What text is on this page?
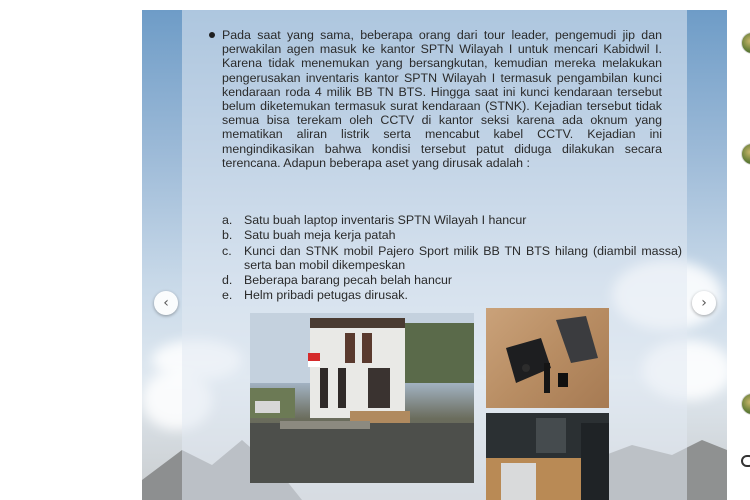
Pada saat yang sama, beberapa orang dari tour leader, pengemudi jip dan perwakilan agen masuk ke kantor SPTN Wilayah I untuk mencari Kabidwil I. Karena tidak menemukan yang bersangkutan, kemudian mereka melakukan pengerusakan inventaris kantor SPTN Wilayah I termasuk pengambilan kunci kendaraan roda 4 milik BB TN BTS. Hingga saat ini kunci kendaraan tersebut belum diketemukan termasuk surat kendaraan (STNK). Kejadian tersebut tidak semua bisa terekam oleh CCTV di kantor seksi karena ada oknum yang mematikan aliran listrik serta mencabut kabel CCTV. Kejadian ini mengindikasikan bahwa kondisi tersebut patut diduga dilakukan secara terencana. Adapun beberapa aset yang dirusak adalah :

a. Satu buah laptop inventaris SPTN Wilayah I hancur
b. Satu buah meja kerja patah
c. Kunci dan STNK mobil Pajero Sport milik BB TN BTS hilang (diambil massa) serta ban mobil dikempeskan
d. Beberapa barang pecah belah hancur
e. Helm pribadi petugas dirusak.
‹	›
